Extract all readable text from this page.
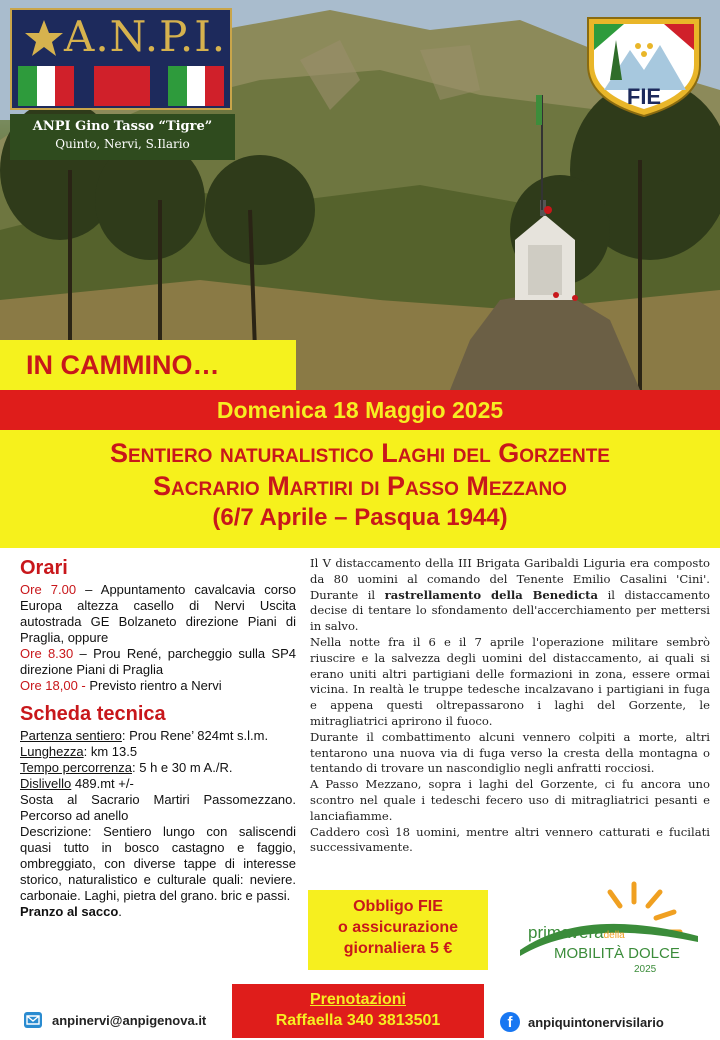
A.N.P.I.
ANPI Gino Tasso “Tigre”
Quinto, Nervi, S.Ilario
FIE
IN CAMMINO…
Domenica 18 Maggio 2025
Sentiero naturalistico Laghi del Gorzente
Sacrario Martiri di Passo Mezzano
(6/7 Aprile – Pasqua 1944)
Orari
Ore 7.00 – Appuntamento cavalcavia corso Europa altezza casello di Nervi Uscita autostrada GE Bolzaneto direzione Piani di Praglia, oppure
Ore 8.30 – Prou René, parcheggio sulla SP4 direzione Piani di Praglia
Ore 18,00 - Previsto rientro a Nervi
Scheda tecnica
Partenza sentiero: Prou Rene’ 824mt s.l.m.
Lunghezza: km 13.5
Tempo percorrenza: 5 h e 30 m A./R.
Dislivello 489.mt +/-
Sosta al Sacrario Martiri Passomezzano. Percorso ad anello
Descrizione: Sentiero lungo con saliscendi quasi tutto in bosco castagno e faggio, ombreggiato, con diverse tappe di interesse storico, naturalistico e culturale quali: neviere. carbonaie. Laghi, pietra del grano. bric e passi.
Pranzo al sacco.

Il V distaccamento della III Brigata Garibaldi Liguria era composto da 80 uomini al comando del Tenente Emilio Casalini 'Cini'. Durante il rastrellamento della Benedicta il distaccamento decise di tentare lo sfondamento dell'accerchiamento per mettersi in salvo.

Nella notte fra il 6 e il 7 aprile l'operazione militare sembrò riuscire e la salvezza degli uomini del distaccamento, ai quali si erano uniti altri partigiani delle formazioni in zona, essere ormai vicina. In realtà le truppe tedesche incalzavano i partigiani in fuga e appena questi oltrepassarono i laghi del Gorzente, le mitragliatrici aprirono il fuoco.

Durante il combattimento alcuni vennero colpiti a morte, altri tentarono una nuova via di fuga verso la cresta della montagna o tentando di trovare un nascondiglio negli anfratti rocciosi.

A Passo Mezzano, sopra i laghi del Gorzente, ci fu ancora uno scontro nel quale i tedeschi fecero uso di mitragliatrici pesanti e lanciafiamme.

Caddero così 18 uomini, mentre altri vennero catturati e fucilati successivamente.

Obbligo FIE
o assicurazione
giornaliera 5 €
primaveradella
MOBILITÀ DOLCE
2025
Prenotazioni
Raffaella 340 3813501
anpinervi@anpigenova.it	f	anpiquintonervisilario
